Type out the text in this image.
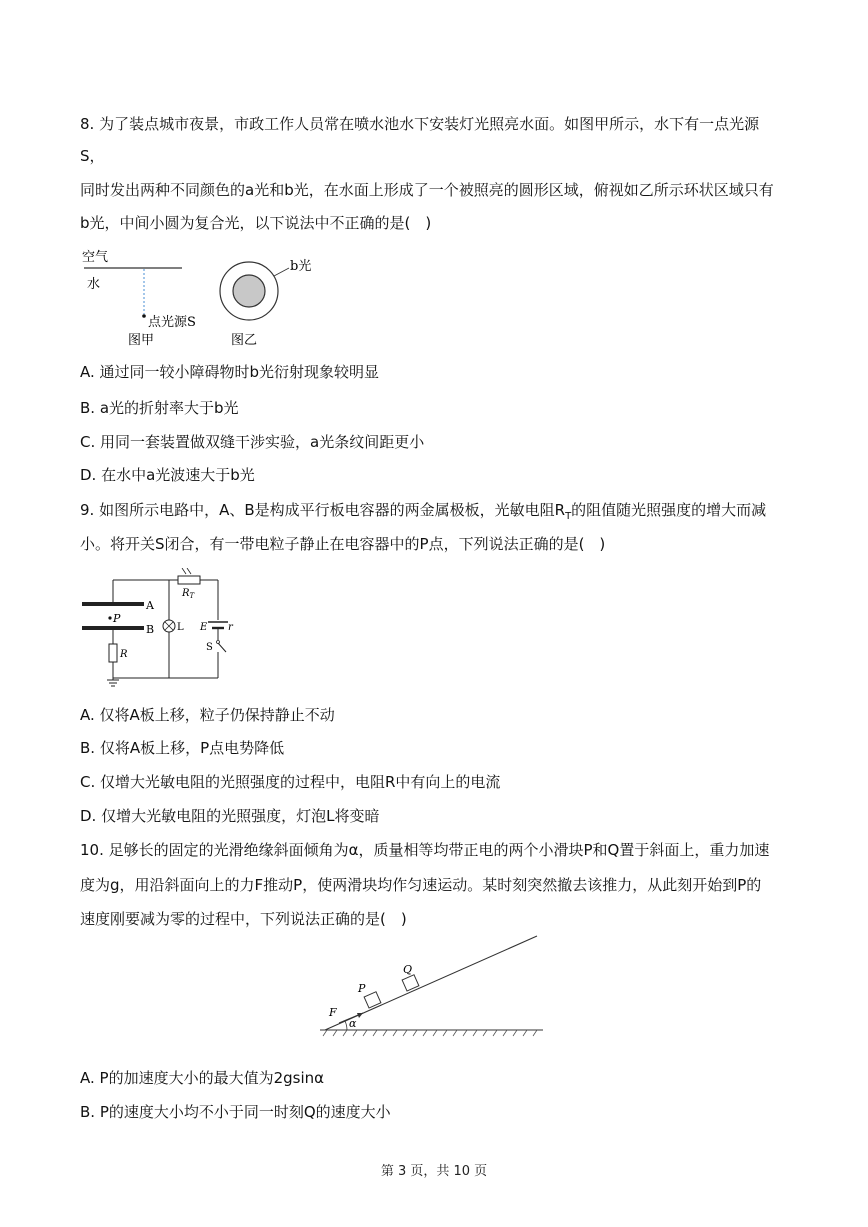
8. 为了装点城市夜景，市政工作人员常在喷水池水下安装灯光照亮水面。如图甲所示，水下有一点光源
S，
同时发出两种不同颜色的a光和b光，在水面上形成了一个被照亮的圆形区域，俯视如乙所示环状区域只有
b光，中间小圆为复合光，以下说法中不正确的是(　)
空气
水
点光源S
图甲
b光
图乙
A. 通过同一较小障碍物时b光衍射现象较明显
B. a光的折射率大于b光
C. 用同一套装置做双缝干涉实验，a光条纹间距更小
D. 在水中a光波速大于b光
9. 如图所示电路中，A、B是构成平行板电容器的两金属极板，光敏电阻$R_T$的阻值随光照强度的增大而减
小。将开关S闭合，有一带电粒子静止在电容器中的P点，下列说法正确的是(　)
A
B
P
$R_T$
E r
S
L
R
A. 仅将A板上移，粒子仍保持静止不动
B. 仅将A板上移，P点电势降低
C. 仅增大光敏电阻的光照强度的过程中，电阻R中有向上的电流
D. 仅增大光敏电阻的光照强度，灯泡L将变暗
10. 足够长的固定的光滑绝缘斜面倾角为α，质量相等均带正电的两个小滑块P和Q置于斜面上，重力加速
度为g，用沿斜面向上的力F推动P，使两滑块均作匀速运动。某时刻突然撤去该推力，从此刻开始到P的
速度刚要减为零的过程中，下列说法正确的是(　)
α
P
Q
F
A. P的加速度大小的最大值为2gsinα
B. P的速度大小均不小于同一时刻Q的速度大小
第 3 页，共 10 页
